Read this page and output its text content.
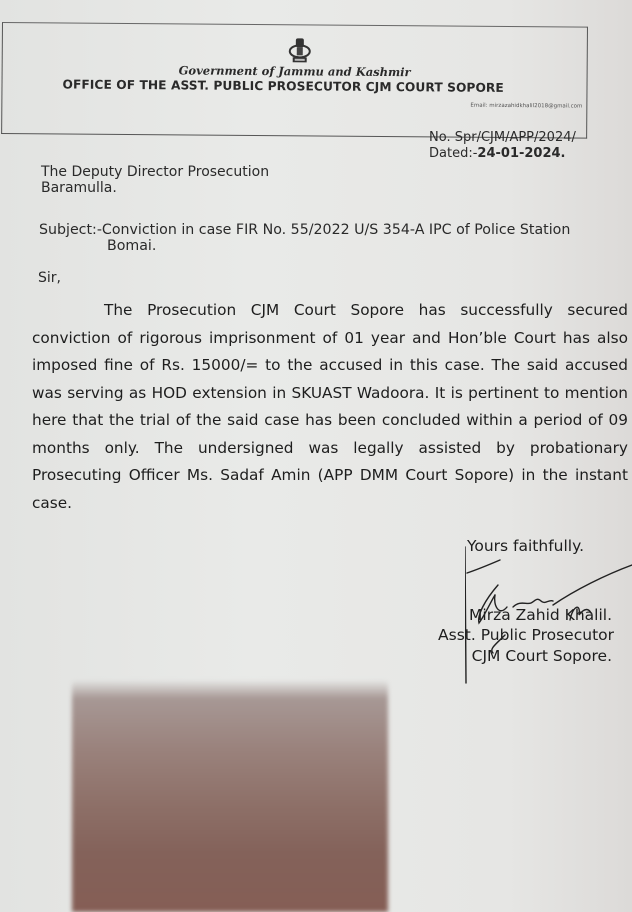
Government of Jammu and Kashmir
OFFICE OF THE ASST. PUBLIC PROSECUTOR CJM COURT SOPORE
Email: mirzazahidkhalil2018@gmail.com
No. Spr/CJM/APP/2024/
Dated:-24-01-2024.
The Deputy Director Prosecution
Baramulla.
Subject:-Conviction in case FIR No. 55/2022 U/S 354-A IPC of Police Station
Bomai.
Sir,
The Prosecution CJM Court Sopore has successfully secured conviction of rigorous imprisonment of 01 year and Hon’ble Court has also imposed fine of Rs. 15000/= to the accused in this case. The said accused was serving as HOD extension in SKUAST Wadoora. It is pertinent to mention here that the trial of the said case has been concluded within a period of 09 months only. The undersigned was legally assisted by probationary Prosecuting Officer Ms. Sadaf Amin (APP DMM Court Sopore) in the instant case.
Yours faithfully.
Mirza Zahid Khalil.
Asst. Public Prosecutor
CJM Court Sopore.
